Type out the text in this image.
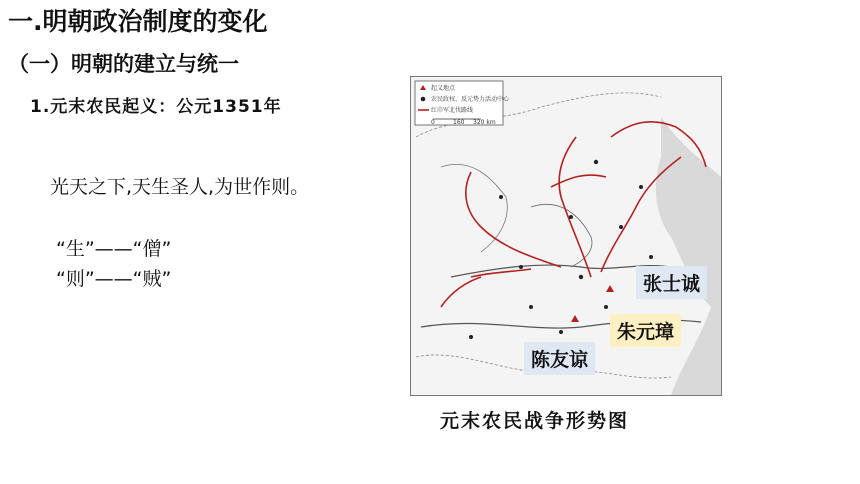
一.明朝政治制度的变化
（一）明朝的建立与统一
1.元末农民起义：公元1351年
光天之下,天生圣人,为世作则。
“生”——“僧”
“则”——“贼”
起义地点
农民政权、反元势力活动中心
红巾军北伐路线
0	160 320 km
张士诚
朱元璋
陈友谅
元末农民战争形势图
